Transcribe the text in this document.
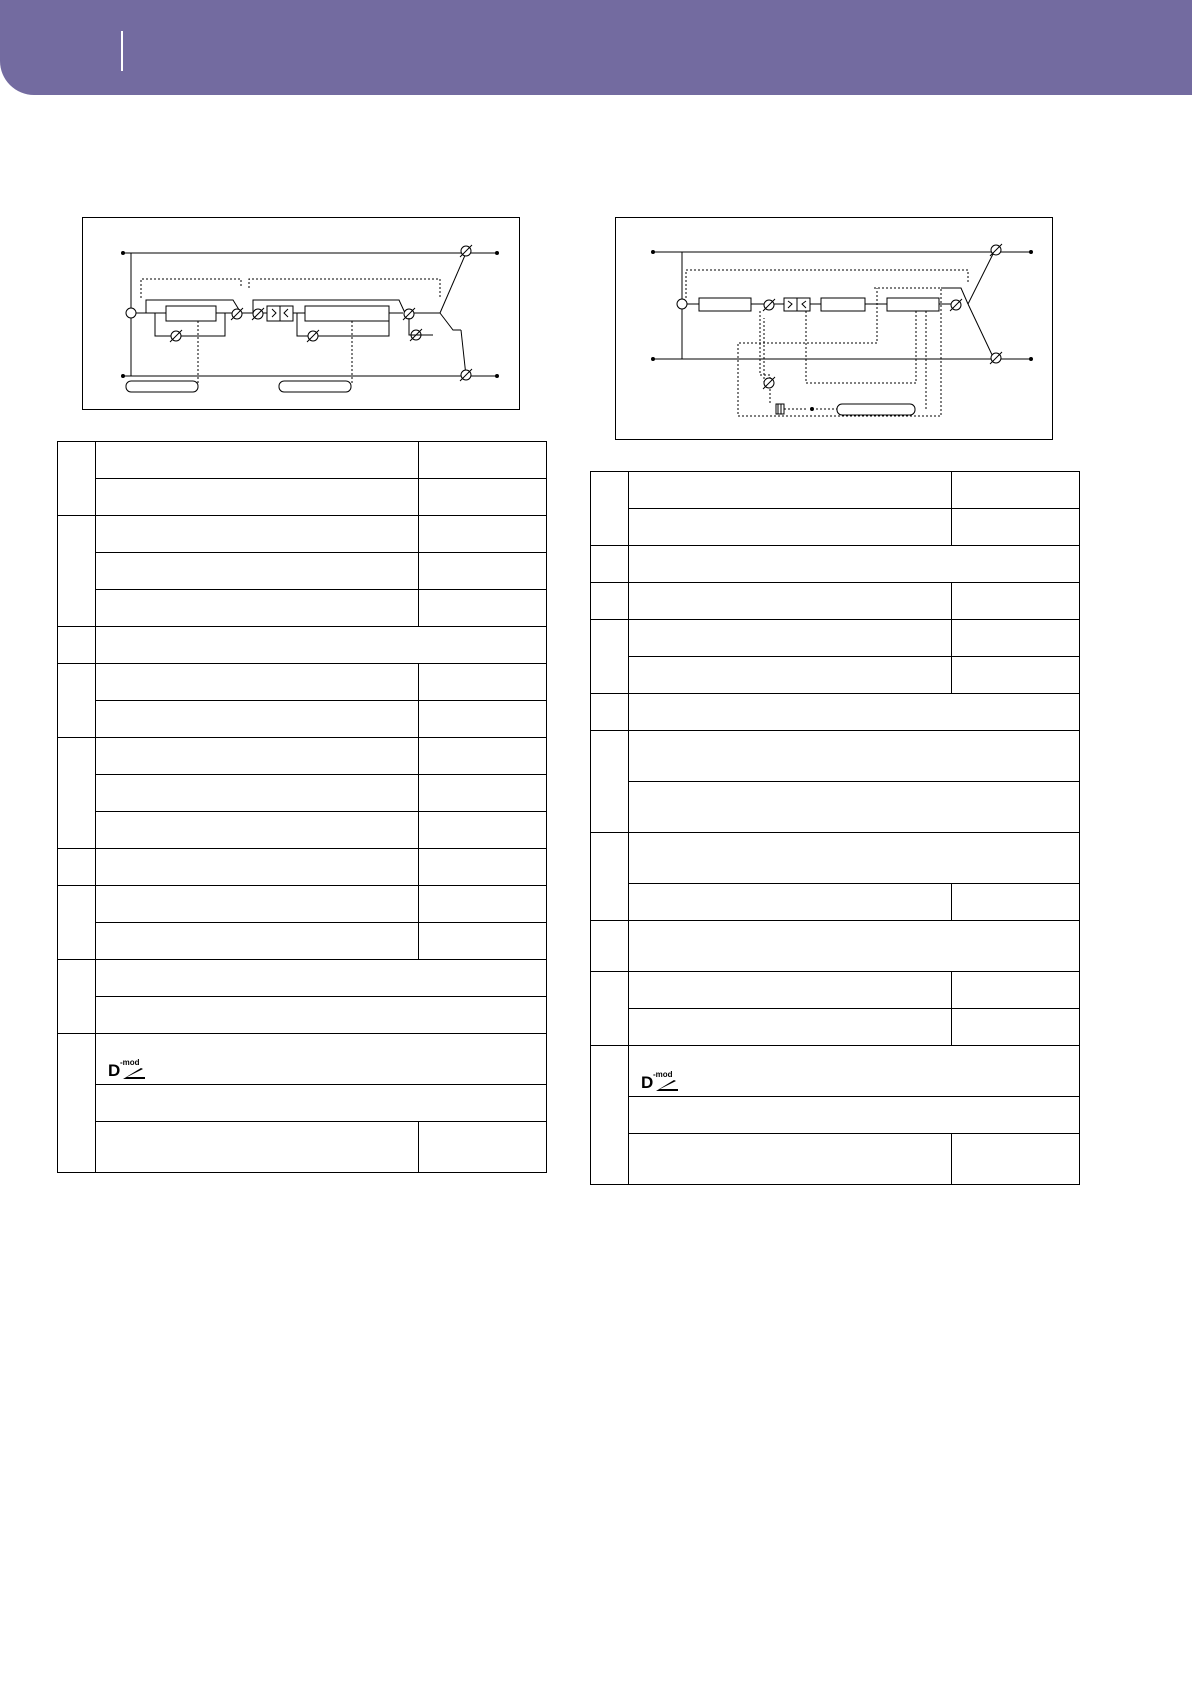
	D -mod	

	D -mod	
